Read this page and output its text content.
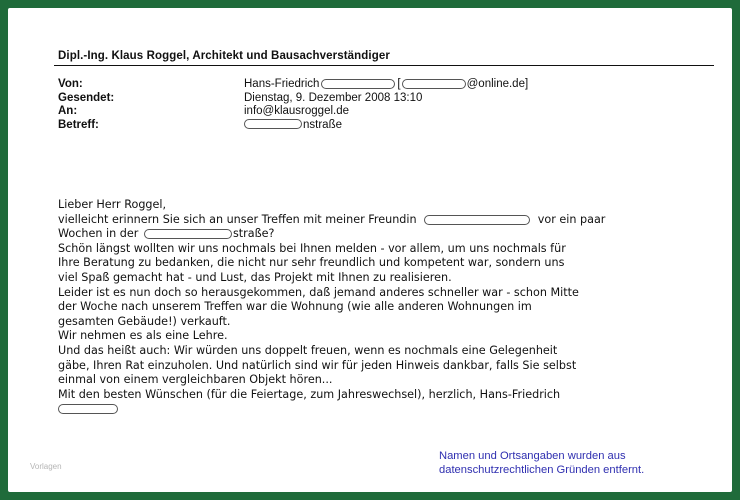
Dipl.-Ing. Klaus Roggel, Architekt und Bausachverständiger
Von:	Hans-Friedrich	[	@online.de]
Gesendet:	Dienstag, 9. Dezember 2008 13:10
An:	info@klausroggel.de
Betreff:	nstraße
Lieber Herr Roggel,
vielleicht erinnern Sie sich an unser Treffen mit meiner Freundin	vor ein paar
Wochen in der	straße?
Schön längst wollten wir uns nochmals bei Ihnen melden - vor allem, um uns nochmals für
Ihre Beratung zu bedanken, die nicht nur sehr freundlich und kompetent war, sondern uns
viel Spaß gemacht hat - und Lust, das Projekt mit Ihnen zu realisieren.
Leider ist es nun doch so herausgekommen, daß jemand anderes schneller war - schon Mitte
der Woche nach unserem Treffen war die Wohnung (wie alle anderen Wohnungen im
gesamten Gebäude!) verkauft.
Wir nehmen es als eine Lehre.
Und das heißt auch: Wir würden uns doppelt freuen, wenn es nochmals eine Gelegenheit
gäbe, Ihren Rat einzuholen. Und natürlich sind wir für jeden Hinweis dankbar, falls Sie selbst
einmal von einem vergleichbaren Objekt hören...
Mit den besten Wünschen (für die Feiertage, zum Jahreswechsel), herzlich, Hans-Friedrich
Namen und Ortsangaben wurden aus
datenschutzrechtlichen Gründen entfernt.
Vorlagen
